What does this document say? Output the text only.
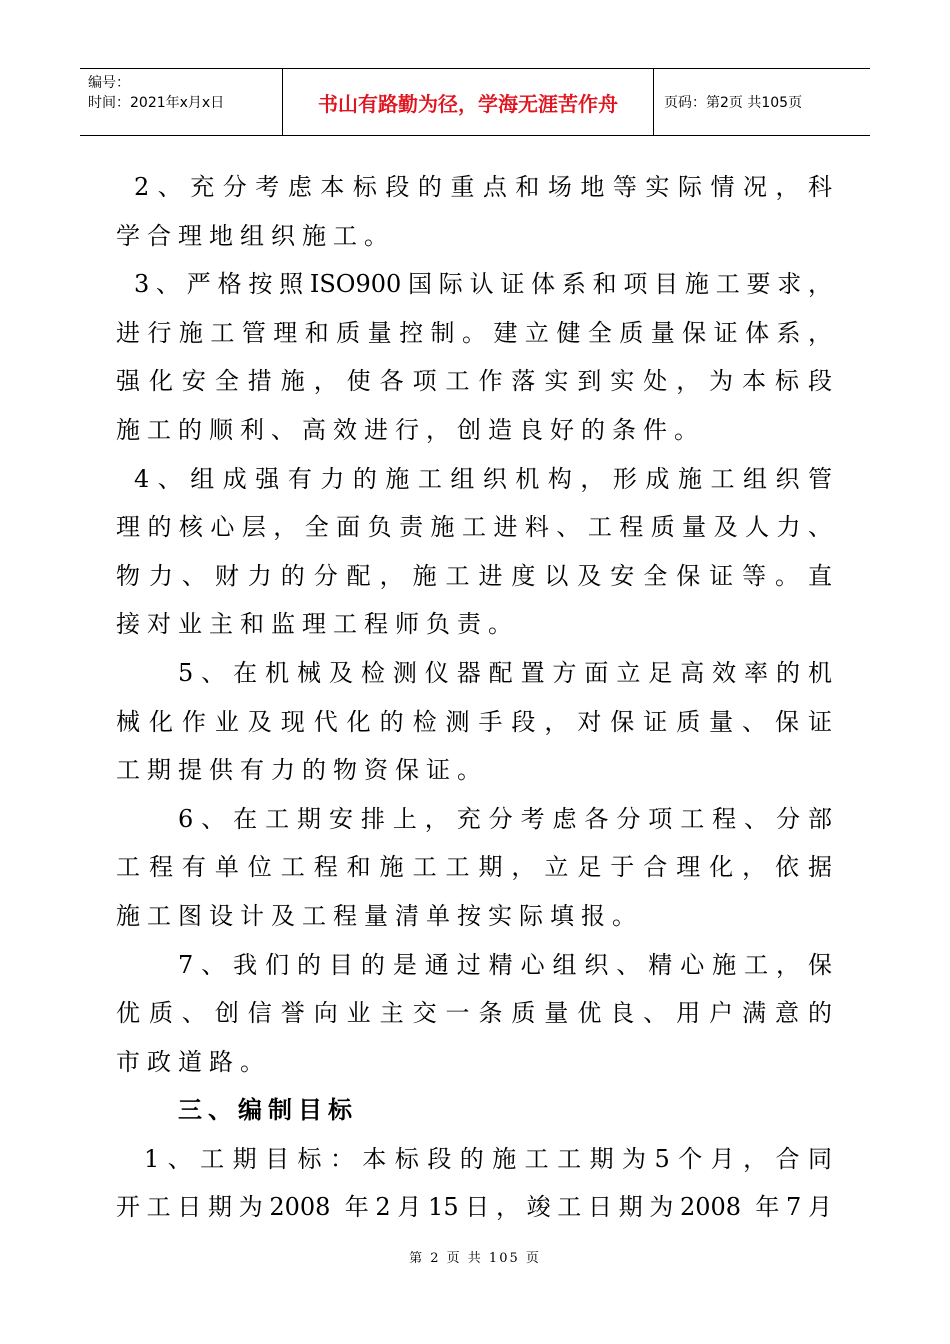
编号：
时间：2021年x月x日	书山有路勤为径，学海无涯苦作舟	页码：第2页 共105页
2、充分考虑本标段的重点和场地等实际情况，科
学合理地组织施工。
3、严格按照ISO900国际认证体系和项目施工要求，
进行施工管理和质量控制。建立健全质量保证体系，
强化安全措施，使各项工作落实到实处，为本标段
施工的顺利、高效进行，创造良好的条件。
4、组成强有力的施工组织机构，形成施工组织管
理的核心层，全面负责施工进料、工程质量及人力、
物力、财力的分配，施工进度以及安全保证等。直
接对业主和监理工程师负责。
5、在机械及检测仪器配置方面立足高效率的机
械化作业及现代化的检测手段，对保证质量、保证
工期提供有力的物资保证。
6、在工期安排上，充分考虑各分项工程、分部
工程有单位工程和施工工期，立足于合理化，依据
施工图设计及工程量清单按实际填报。
7、我们的目的是通过精心组织、精心施工，保
优质、创信誉向业主交一条质量优良、用户满意的
市政道路。
三、编制目标
1、工期目标：本标段的施工工期为5个月，合同
开工日期为2008 年2月15日，竣工日期为2008 年7月
第 2 页 共 105 页
